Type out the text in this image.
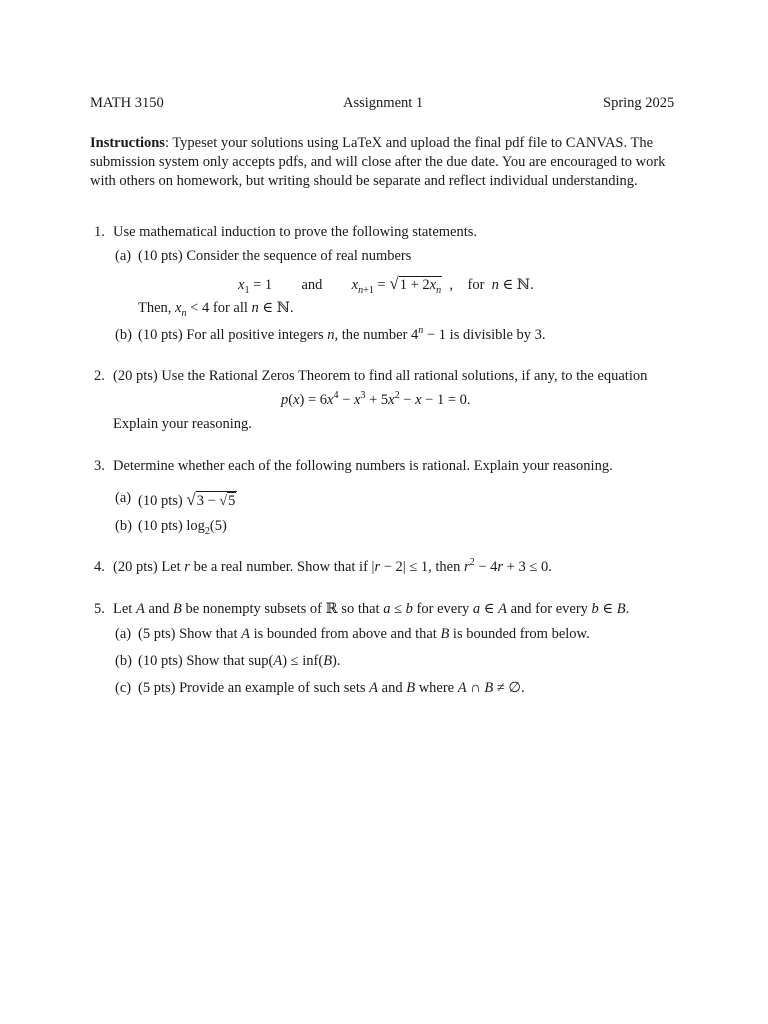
MATH 3150	Assignment 1	Spring 2025
Instructions: Typeset your solutions using LaTeX and upload the final pdf file to CANVAS. The submission system only accepts pdfs, and will close after the due date. You are encouraged to work with others on homework, but writing should be separate and reflect individual understanding.
1. Use mathematical induction to prove the following statements.
(a) (10 pts) Consider the sequence of real numbers
$x_1 = 1$  and $x_{n+1} = √1 + 2x_n$  ,    for n ∈ ℕ.
Then, $x_n < 4$ for all n ∈ ℕ.
(b) (10 pts) For all positive integers n, the number $4^n - 1$ is divisible by 3.
2. (20 pts) Use the Rational Zeros Theorem to find all rational solutions, if any, to the equation
$p(x) = 6x^4 - x^3 + 5x^2 - x - 1 = 0$.
Explain your reasoning.
3. Determine whether each of the following numbers is rational. Explain your reasoning.
(a) (10 pts) √3 − √5
(b) (10 pts) $\log_2(5)$
4. (20 pts) Let r be a real number. Show that if |r − 2| ≤ 1, then $r^2 - 4r + 3 \le 0$.
5. Let A and B be nonempty subsets of ℝ so that a ≤ b for every a ∈ A and for every b ∈ B.
(a) (5 pts) Show that A is bounded from above and that B is bounded from below.
(b) (10 pts) Show that sup(A) ≤ inf(B).
(c) (5 pts) Provide an example of such sets A and B where A ∩ B ≠ ∅.
